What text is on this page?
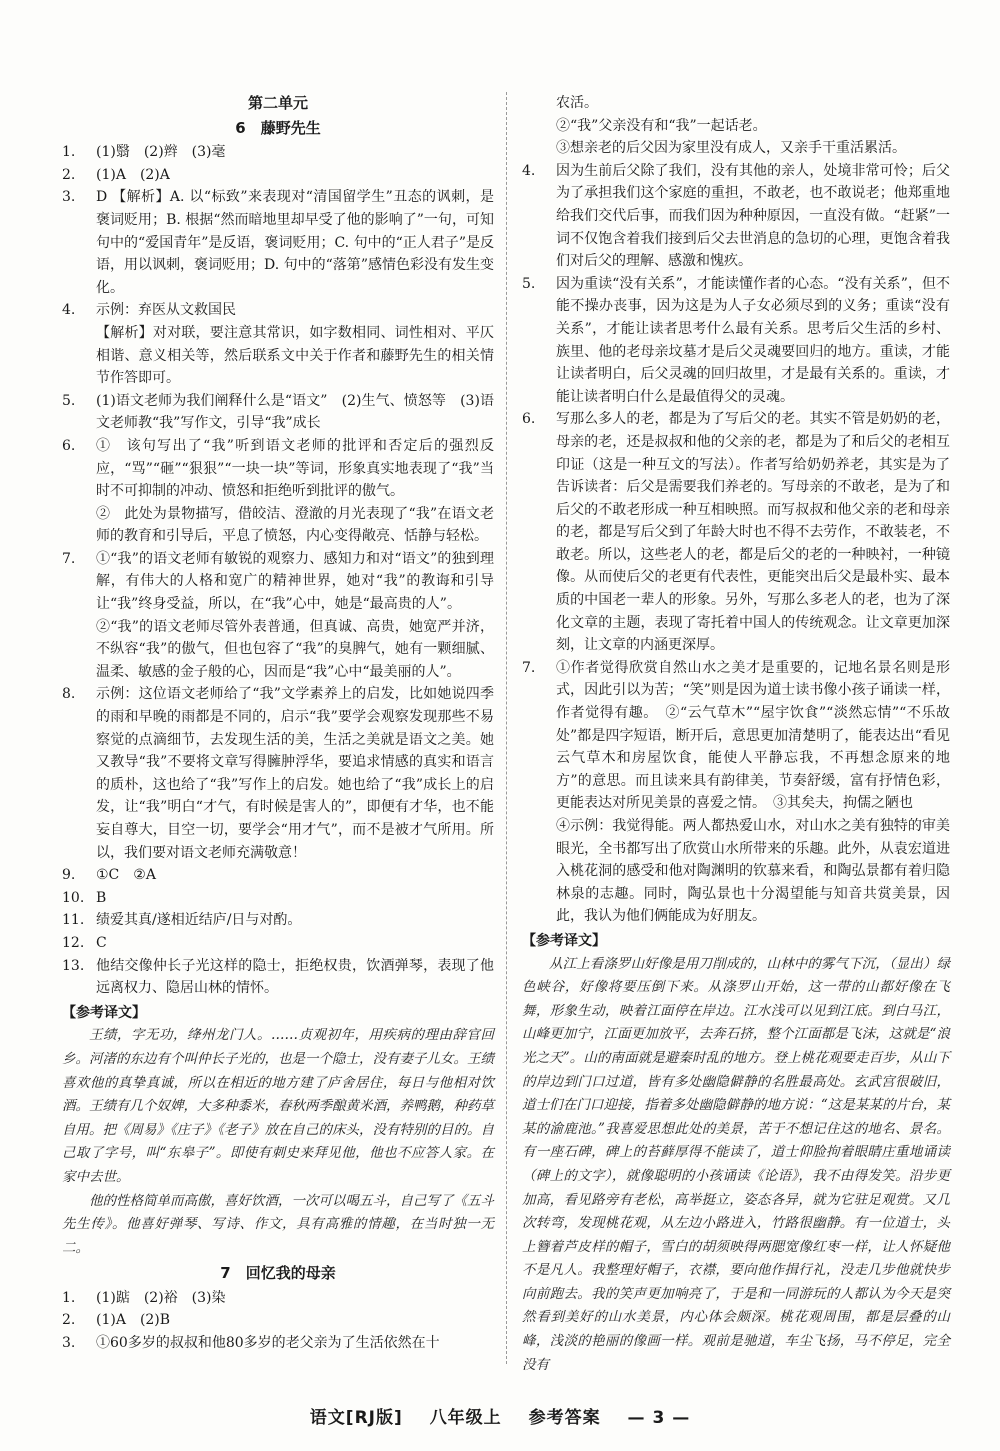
第二单元
6　藤野先生
1.	(1)翳　(2)辫　(3)毫

2.	(1)A　(2)A

3.	D 【解析】A. 以“标致”来表现对“清国留学生”丑态的讽刺，是褒词贬用；B. 根据“然而暗地里却早受了他的影响了”一句，可知句中的“爱国青年”是反语，褒词贬用；C. 句中的“正人君子”是反语，用以讽刺，褒词贬用；D. 句中的“落第”感情色彩没有发生变化。

4.	示例：弃医从文救国民

【解析】对对联，要注意其常识，如字数相同、词性相对、平仄相谐、意义相关等，然后联系文中关于作者和藤野先生的相关情节作答即可。

5.	(1)语文老师为我们阐释什么是“语文”　(2)生气、愤怒等　(3)语文老师教“我”写作文，引导“我”成长

6.	①　该句写出了“我”听到语文老师的批评和否定后的强烈反应，“骂”“砸”“狠狠”“一块一块”等词，形象真实地表现了“我”当时不可抑制的冲动、愤怒和拒绝听到批评的傲气。

②　此处为景物描写，借皎洁、澄澈的月光表现了“我”在语文老师的教育和引导后，平息了愤怒，内心变得敞亮、恬静与轻松。

7.	①“我”的语文老师有敏锐的观察力、感知力和对“语文”的独到理解，有伟大的人格和宽广的精神世界，她对“我”的教诲和引导让“我”终身受益，所以，在“我”心中，她是“最高贵的人”。

②“我”的语文老师尽管外表普通，但真诚、高贵，她宽严并济，不纵容“我”的傲气，但也包容了“我”的臭脾气，她有一颗细腻、温柔、敏感的金子般的心，因而是“我”心中“最美丽的人”。

8.	示例：这位语文老师给了“我”文学素养上的启发，比如她说四季的雨和早晚的雨都是不同的，启示“我”要学会观察发现那些不易察觉的点滴细节，去发现生活的美，生活之美就是语文之美。她又教导“我”不要将文章写得臃肿浮华，要追求情感的真实和语言的质朴，这也给了“我”写作上的启发。她也给了“我”成长上的启发，让“我”明白“才气，有时候是害人的”，即便有才华，也不能妄自尊大，目空一切，要学会“用才气”，而不是被才气所用。所以，我们要对语文老师充满敬意！

9.	①C　②A

10. B

11. 绩爱其真/遂相近结庐/日与对酌。

12. C

13. 他结交像仲长子光这样的隐士，拒绝权贵，饮酒弹琴，表现了他远离权力、隐居山林的情怀。

【参考译文】

王绩，字无功，绛州龙门人。……贞观初年，用疾病的理由辞官回乡。河渚的东边有个叫仲长子光的，也是一个隐士，没有妻子儿女。王绩喜欢他的真挚真诚，所以在相近的地方建了庐舍居住，每日与他相对饮酒。王绩有几个奴婢，大多种黍米，春秋两季酿黄米酒，养鸭鹅，种药草自用。把《周易》《庄子》《老子》放在自己的床头，没有特别的目的。自己取了字号，叫“东皋子”。即使有刺史来拜见他，他也不应答人家。在家中去世。

他的性格简单而高傲，喜好饮酒，一次可以喝五斗，自己写了《五斗先生传》。他喜好弹琴、写诗、作文，具有高雅的情趣，在当时独一无二。

7　回忆我的母亲
1.	(1)踮　(2)裕　(3)染

2.	(1)A　(2)B

3.	①60多岁的叔叔和他80多岁的老父亲为了生活依然在十

农活。

②“我”父亲没有和“我”一起话老。

③想亲老的后父因为家里没有成人，又亲手干重活累活。

4.	因为生前后父除了我们，没有其他的亲人，处境非常可怜；后父为了承担我们这个家庭的重担，不敢老，也不敢说老；他郑重地给我们交代后事，而我们因为种种原因，一直没有做。“赶紧”一词不仅饱含着我们接到后父去世消息的急切的心理，更饱含着我们对后父的理解、感激和愧疚。

5.	因为重读“没有关系”，才能读懂作者的心态。“没有关系”，但不能不操办丧事，因为这是为人子女必须尽到的义务；重读“没有关系”，才能让读者思考什么最有关系。思考后父生活的乡村、族里、他的老母亲坟墓才是后父灵魂要回归的地方。重读，才能让读者明白，后父灵魂的回归故里，才是最有关系的。重读，才能让读者明白什么是最值得父的灵魂。

6.	写那么多人的老，都是为了写后父的老。其实不管是奶奶的老，母亲的老，还是叔叔和他的父亲的老，都是为了和后父的老相互印证（这是一种互文的写法）。作者写给奶奶养老，其实是为了告诉读者：后父是需要我们养老的。写母亲的不敢老，是为了和后父的不敢老形成一种互相映照。而写叔叔和他父亲的老和母亲的老，都是写后父到了年龄大时也不得不去劳作，不敢装老，不敢老。所以，这些老人的老，都是后父的老的一种映衬，一种镜像。从而使后父的老更有代表性，更能突出后父是最朴实、最本质的中国老一辈人的形象。另外，写那么多老人的老，也为了深化文章的主题，表现了寄托着中国人的传统观念。让文章更加深刻，让文章的内涵更深厚。

7.	①作者觉得欣赏自然山水之美才是重要的，记地名景名则是形式，因此引以为苦；“笑”则是因为道士读书像小孩子诵读一样，作者觉得有趣。　②“云气草木”“屋宇饮食”“淡然忘情”“不乐故处”都是四字短语，断开后，意思更加清楚明了，能表达出“看见云气草木和房屋饮食，能使人平静忘我，不再想念原来的地方”的意思。而且读来具有韵律美，节奏舒缓，富有抒情色彩，更能表达对所见美景的喜爱之情。　③其矣夫，拘儒之陋也

④示例：我觉得能。两人都热爱山水，对山水之美有独特的审美眼光，全书都写出了欣赏山水所带来的乐趣。此外，从袁宏道进入桃花洞的感受和他对陶渊明的钦慕来看，和陶弘景都有着归隐林泉的志趣。同时，陶弘景也十分渴望能与知音共赏美景，因此，我认为他们俩能成为好朋友。

【参考译文】

从江上看涤罗山好像是用刀削成的，山林中的雾气下沉，（显出）绿色峡谷，好像将要压倒下来。从涤罗山开始，这一带的山都好像在飞舞，形象生动，映着江面停在岸边。江水浅可以见到江底。到白马江，山峰更加宁，江面更加放平，去奔石挤，整个江面都是飞沫，这就是“浪光之天”。山的南面就是避秦时乱的地方。登上桃花观要走百步，从山下的岸边到门口过道，皆有多处幽隐僻静的名胜最高处。玄武宫很破旧，道士们在门口迎接，指着多处幽隐僻静的地方说：“这是某某的片台，某某的渝鹿池。”我喜爱思想此处的美景，苦于不想记住这的地名、景名。有一座石碑，碑上的苔藓厚得不能读了，道士仰脸拘着眼睛庄重地诵读（碑上的文字），就像聪明的小孩诵读《论语》，我不由得发笑。沿步更加高，看见路旁有老松，高举挺立，姿态各异，就为它驻足观赏。又几次转弯，发现桃花观，从左边小路进入，竹路很幽静。有一位道士，头上簪着芦皮样的帽子，雪白的胡须映得两腮宽像红枣一样，让人怀疑他不是凡人。我整理好帽子，衣襟，要向他作揖行礼，没走几步他就快步向前跑去。我的笑声更加响亮了，于是和一同游玩的人都认为今天是突然看到美好的山水美景，内心体会颇深。桃花观周围，都是层叠的山峰，浅淡的艳丽的像画一样。观前是驰道，车尘飞扬，马不停足，完全没有

语文[RJ版] 八年级上 参考答案 — 3 —
